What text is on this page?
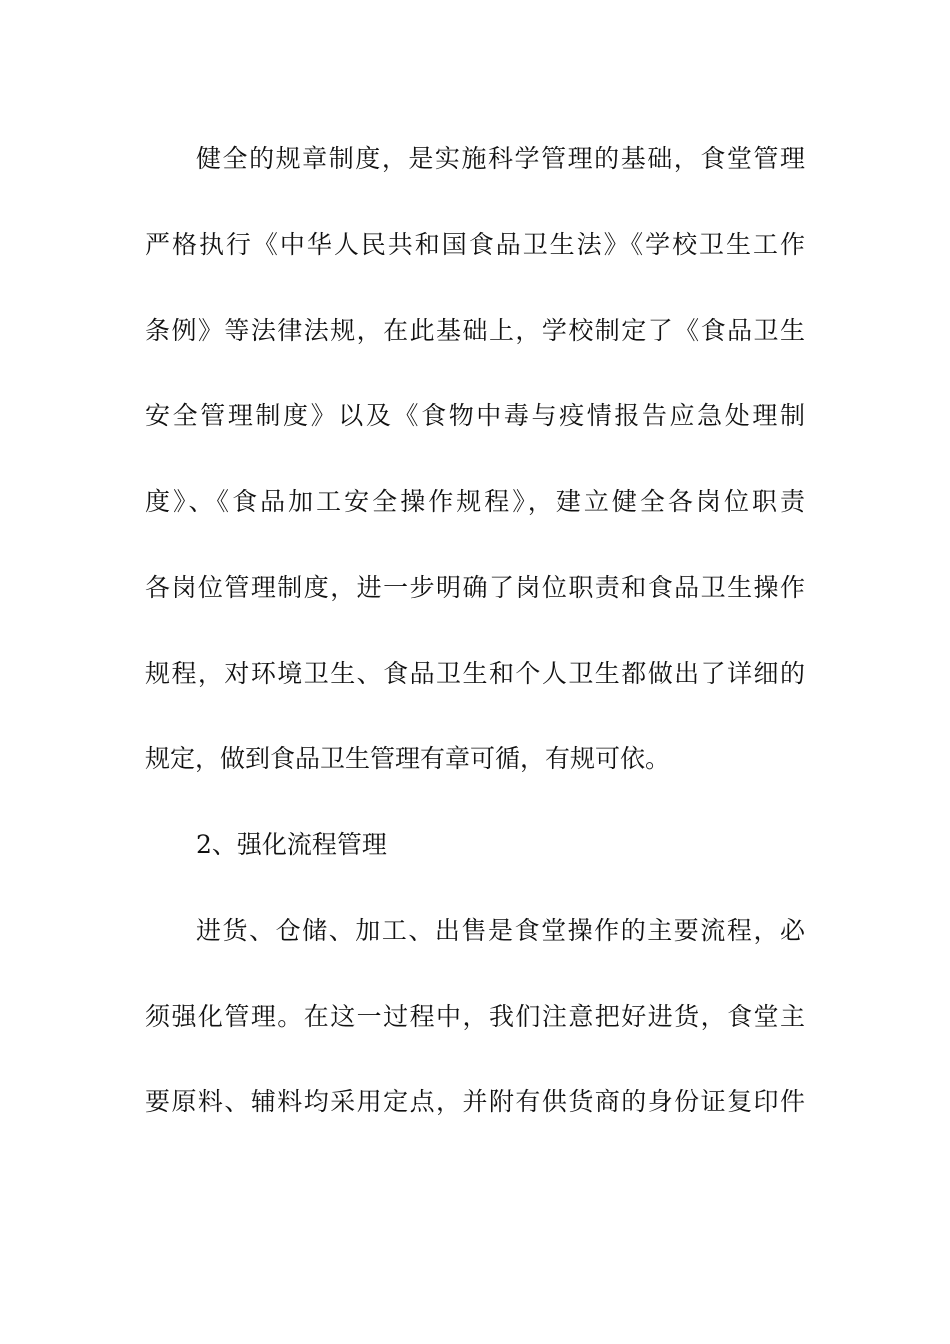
健全的规章制度，是实施科学管理的基础，食堂管理
严格执行《中华人民共和国食品卫生法》《学校卫生工作
条例》等法律法规，在此基础上，学校制定了《食品卫生
安全管理制度》以及《食物中毒与疫情报告应急处理制
度》、《食品加工安全操作规程》，建立健全各岗位职责
各岗位管理制度，进一步明确了岗位职责和食品卫生操作
规程，对环境卫生、食品卫生和个人卫生都做出了详细的
规定，做到食品卫生管理有章可循，有规可依。
2、强化流程管理
进货、仓储、加工、出售是食堂操作的主要流程，必
须强化管理。在这一过程中，我们注意把好进货，食堂主
要原料、辅料均采用定点，并附有供货商的身份证复印件
